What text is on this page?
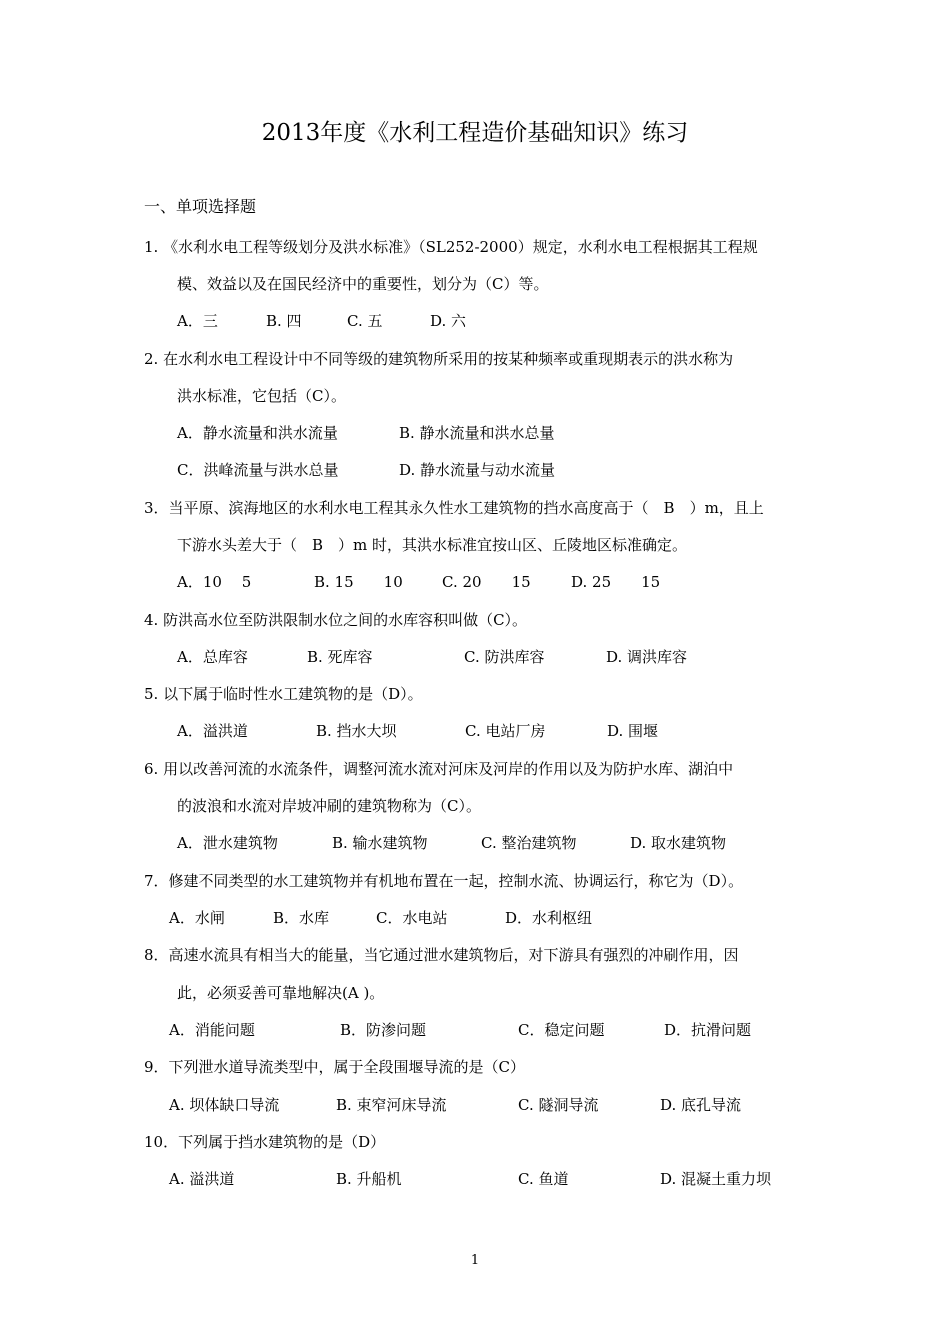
2013年度《水利工程造价基础知识》练习
一、单项选择题
1. 《水利水电工程等级划分及洪水标准》（SL252-2000）规定，水利水电工程根据其工程规
模、效益以及在国民经济中的重要性，划分为（C）等。
A．三	B. 四	C. 五	D. 六
2. 在水利水电工程设计中不同等级的建筑物所采用的按某种频率或重现期表示的洪水称为
洪水标准，它包括（C）。
A．静水流量和洪水流量	B. 静水流量和洪水总量
C．洪峰流量与洪水总量	D. 静水流量与动水流量
3．当平原、滨海地区的水利水电工程其永久性水工建筑物的挡水高度高于（　B　）m，且上
下游水头差大于（　B　）m 时，其洪水标准宜按山区、丘陵地区标准确定。
A．10　 5	B. 15　　10	C. 20　　15	D. 25　　15
4. 防洪高水位至防洪限制水位之间的水库容积叫做（C）。
A．总库容	B. 死库容	C. 防洪库容	D. 调洪库容
5. 以下属于临时性水工建筑物的是（D）。
A．溢洪道	B. 挡水大坝	C. 电站厂房	D. 围堰
6. 用以改善河流的水流条件，调整河流水流对河床及河岸的作用以及为防护水库、湖泊中
的波浪和水流对岸坡冲刷的建筑物称为（C）。
A．泄水建筑物	B. 输水建筑物	C. 整治建筑物	D. 取水建筑物
7．修建不同类型的水工建筑物并有机地布置在一起，控制水流、协调运行，称它为（D）。
A．水闸	B．水库	C．水电站	D．水利枢纽
8．高速水流具有相当大的能量，当它通过泄水建筑物后，对下游具有强烈的冲刷作用，因
此，必须妥善可靠地解决(A )。
A．消能问题	B．防渗问题	C．稳定问题	D．抗滑问题
9．下列泄水道导流类型中，属于全段围堰导流的是（C）
A. 坝体缺口导流	B. 束窄河床导流	C. 隧洞导流	D. 底孔导流
10．下列属于挡水建筑物的是（D）
A. 溢洪道	B. 升船机	C. 鱼道	D. 混凝土重力坝
1
